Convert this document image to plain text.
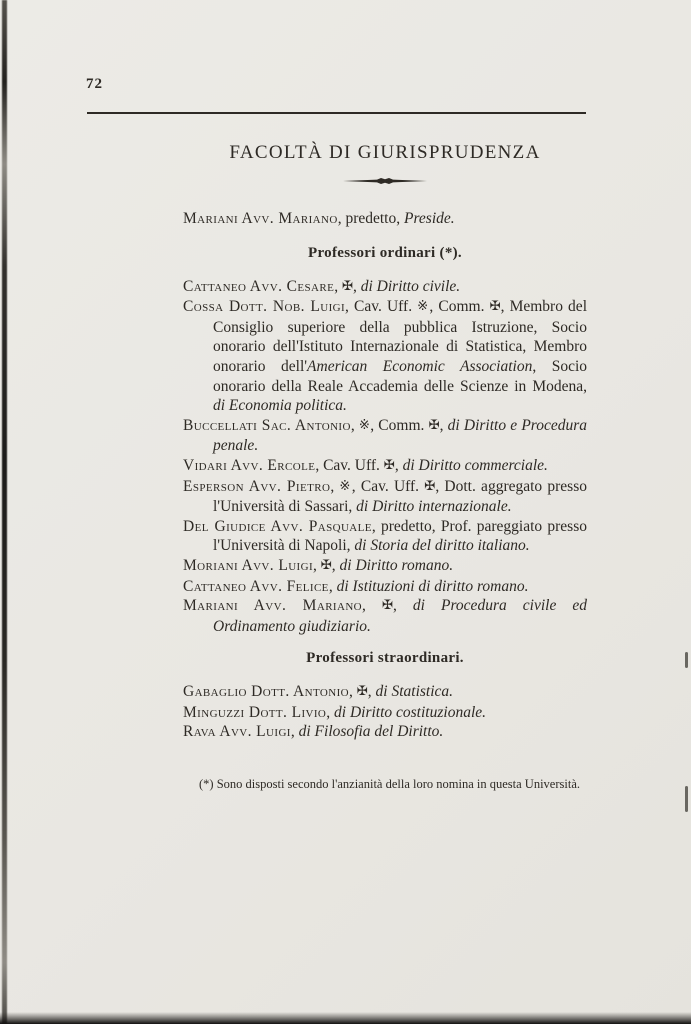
72
FACOLTÀ DI GIURISPRUDENZA

Mariani Avv. Mariano, predetto, Preside.

Professori ordinari (*).

Cattaneo Avv. Cesare, ✠, di Diritto civile.

Cossa Dott. Nob. Luigi, Cav. Uff. ※, Comm. ✠, Membro del Consiglio superiore della pubblica Istruzione, Socio onorario dell'Istituto Internazionale di Statistica, Membro onorario dell'American Economic Association, Socio onorario della Reale Accademia delle Scienze in Modena, di Economia politica.

Buccellati Sac. Antonio, ※, Comm. ✠, di Diritto e Procedura penale.

Vidari Avv. Ercole, Cav. Uff. ✠, di Diritto commerciale.

Esperson Avv. Pietro, ※, Cav. Uff. ✠, Dott. aggregato presso l'Università di Sassari, di Diritto internazionale.

Del Giudice Avv. Pasquale, predetto, Prof. pareggiato presso l'Università di Napoli, di Storia del diritto italiano.

Moriani Avv. Luigi, ✠, di Diritto romano.

Cattaneo Avv. Felice, di Istituzioni di diritto romano.

Mariani Avv. Mariano, ✠, di Procedura civile ed Ordinamento giudiziario.

Professori straordinari.

Gabaglio Dott. Antonio, ✠, di Statistica.

Minguzzi Dott. Livio, di Diritto costituzionale.

Rava Avv. Luigi, di Filosofia del Diritto.

(*) Sono disposti secondo l'anzianità della loro nomina in questa Università.
